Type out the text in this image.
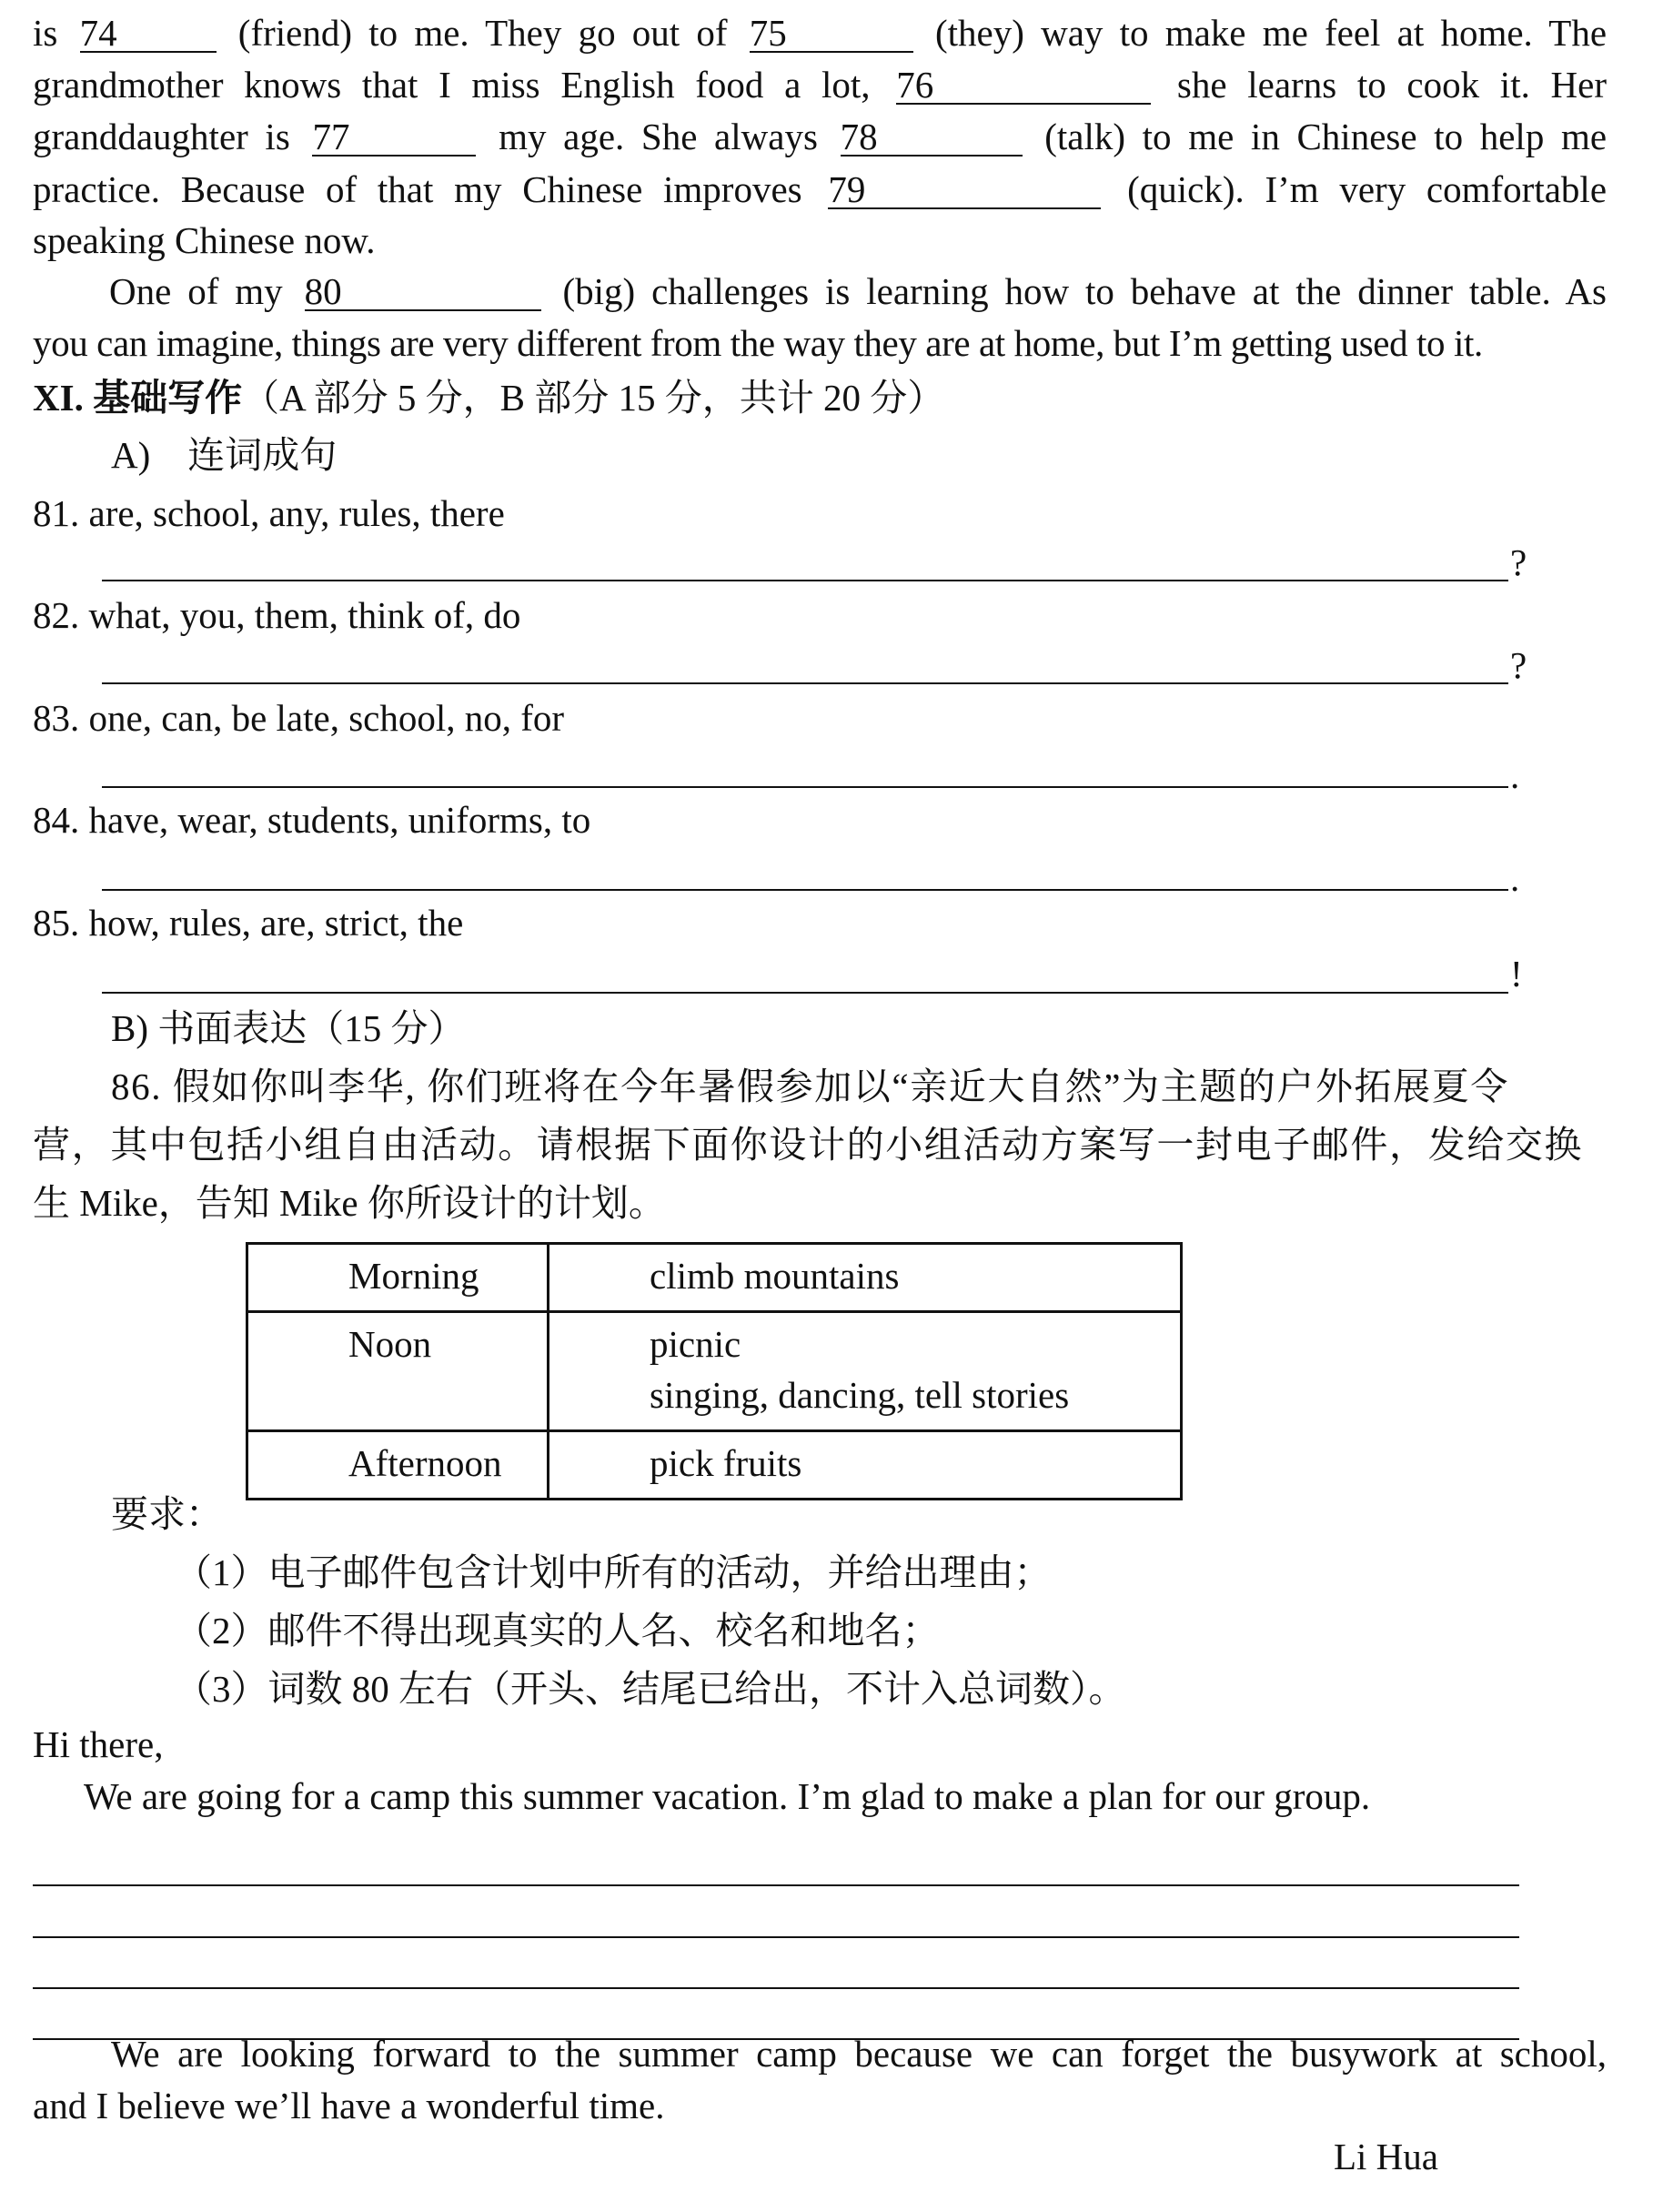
is 74	(friend) to me. They go out of 75	(they) way to make me feel at home. The
grandmother knows that I miss English food a lot, 76	she learns to cook it. Her
granddaughter is 77	my age. She always 78	(talk) to me in Chinese to help me
practice. Because of that my Chinese improves 79	(quick). I’m very comfortable
speaking Chinese now.
One of my 80	(big) challenges is learning how to behave at the dinner table. As
you can imagine, things are very different from the way they are at home, but I’m getting used to it.
XI. 基础写作（A 部分 5 分，B 部分 15 分，共计 20 分）
A)　连词成句
81. are, school, any, rules, there
?
82. what, you, them, think of, do
?
83. one, can, be late, school, no, for
.
84. have, wear, students, uniforms, to
.
85. how, rules, are, strict, the
!
B) 书面表达（15 分）
86. 假如你叫李华, 你们班将在今年暑假参加以“亲近大自然”为主题的户外拓展夏令
营，其中包括小组自由活动。请根据下面你设计的小组活动方案写一封电子邮件，发给交换
生 Mike，告知 Mike 你所设计的计划。
Morning	climb mountains
Noon	picnic
singing, dancing, tell stories

Afternoon	pick fruits
要求：
（1）电子邮件包含计划中所有的活动，并给出理由；
（2）邮件不得出现真实的人名、校名和地名；
（3）词数 80 左右（开头、结尾已给出，不计入总词数）。
Hi there,
We are going for a camp this summer vacation. I’m glad to make a plan for our group.
We are looking forward to the summer camp because we can forget the busywork at school,
and I believe we’ll have a wonderful time.
Li Hua
